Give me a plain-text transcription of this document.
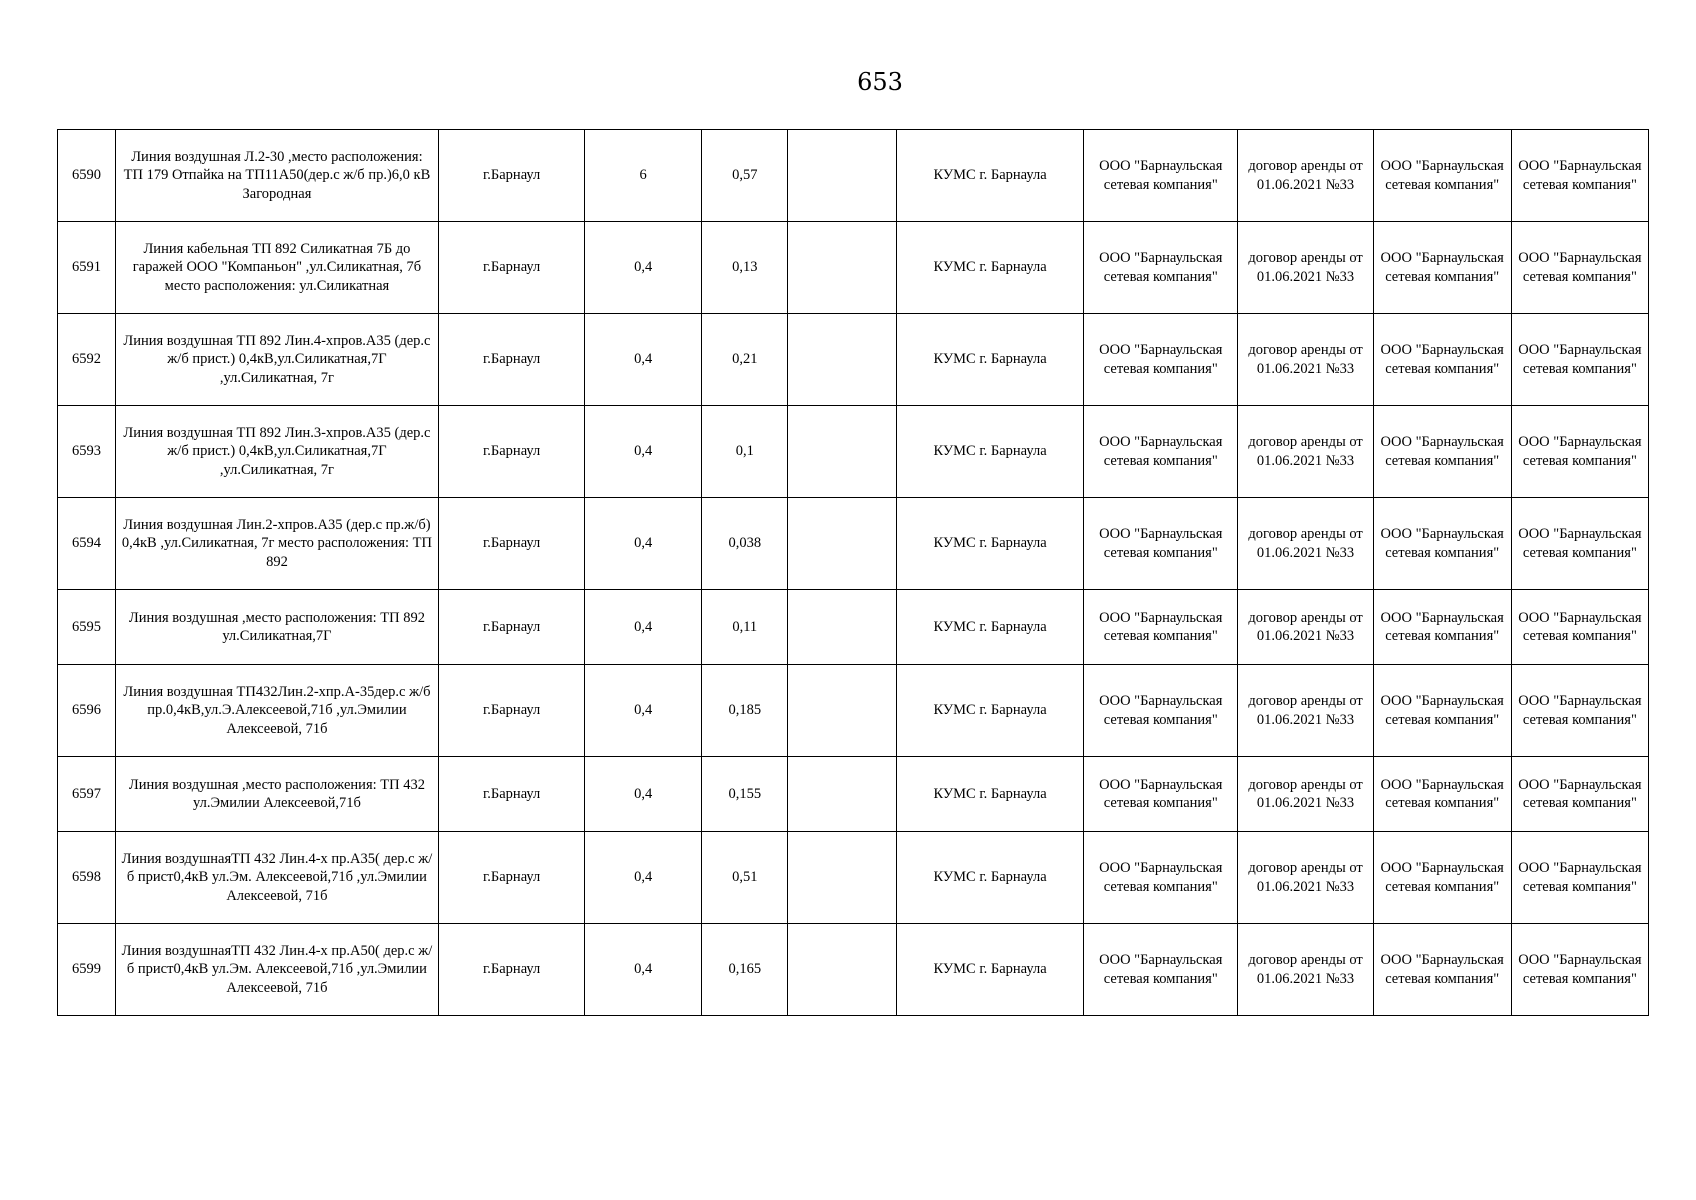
653
6590	Линия воздушная Л.2-30 ,место расположения: ТП 179 Отпайка на ТП11А50(дер.с ж/б пр.)6,0 кВ Загородная	г.Барнаул	6	0,57		КУМС г. Барнаула	ООО "Барнаульская сетевая компания"	договор аренды от 01.06.2021 №33	ООО "Барнаульская сетевая компания"	ООО "Барнаульская сетевая компания"
6591	Линия кабельная ТП 892 Силикатная 7Б до гаражей ООО "Компаньон" ,ул.Силикатная, 7б место расположения: ул.Силикатная	г.Барнаул	0,4	0,13		КУМС г. Барнаула	ООО "Барнаульская сетевая компания"	договор аренды от 01.06.2021 №33	ООО "Барнаульская сетевая компания"	ООО "Барнаульская сетевая компания"
6592	Линия воздушная ТП 892 Лин.4-хпров.А35 (дер.с ж/б прист.) 0,4кВ,ул.Силикатная,7Г ,ул.Силикатная, 7г	г.Барнаул	0,4	0,21		КУМС г. Барнаула	ООО "Барнаульская сетевая компания"	договор аренды от 01.06.2021 №33	ООО "Барнаульская сетевая компания"	ООО "Барнаульская сетевая компания"
6593	Линия воздушная ТП 892 Лин.3-хпров.А35 (дер.с ж/б прист.) 0,4кВ,ул.Силикатная,7Г ,ул.Силикатная, 7г	г.Барнаул	0,4	0,1		КУМС г. Барнаула	ООО "Барнаульская сетевая компания"	договор аренды от 01.06.2021 №33	ООО "Барнаульская сетевая компания"	ООО "Барнаульская сетевая компания"
6594	Линия воздушная Лин.2-хпров.А35 (дер.с пр.ж/б) 0,4кВ ,ул.Силикатная, 7г место расположения: ТП 892	г.Барнаул	0,4	0,038		КУМС г. Барнаула	ООО "Барнаульская сетевая компания"	договор аренды от 01.06.2021 №33	ООО "Барнаульская сетевая компания"	ООО "Барнаульская сетевая компания"
6595	Линия воздушная ,место расположения: ТП 892 ул.Силикатная,7Г	г.Барнаул	0,4	0,11		КУМС г. Барнаула	ООО "Барнаульская сетевая компания"	договор аренды от 01.06.2021 №33	ООО "Барнаульская сетевая компания"	ООО "Барнаульская сетевая компания"
6596	Линия воздушная ТП432Лин.2-хпр.А-35дер.с ж/б пр.0,4кВ,ул.Э.Алексеевой,71б ,ул.Эмилии Алексеевой, 71б	г.Барнаул	0,4	0,185		КУМС г. Барнаула	ООО "Барнаульская сетевая компания"	договор аренды от 01.06.2021 №33	ООО "Барнаульская сетевая компания"	ООО "Барнаульская сетевая компания"
6597	Линия воздушная ,место расположения: ТП 432 ул.Эмилии Алексеевой,71б	г.Барнаул	0,4	0,155		КУМС г. Барнаула	ООО "Барнаульская сетевая компания"	договор аренды от 01.06.2021 №33	ООО "Барнаульская сетевая компания"	ООО "Барнаульская сетевая компания"
6598	Линия воздушнаяТП 432 Лин.4-х пр.А35( дер.с ж/б прист0,4кВ ул.Эм. Алексеевой,71б ,ул.Эмилии Алексеевой, 71б	г.Барнаул	0,4	0,51		КУМС г. Барнаула	ООО "Барнаульская сетевая компания"	договор аренды от 01.06.2021 №33	ООО "Барнаульская сетевая компания"	ООО "Барнаульская сетевая компания"
6599	Линия воздушнаяТП 432 Лин.4-х пр.А50( дер.с ж/б прист0,4кВ ул.Эм. Алексеевой,71б ,ул.Эмилии Алексеевой, 71б	г.Барнаул	0,4	0,165		КУМС г. Барнаула	ООО "Барнаульская сетевая компания"	договор аренды от 01.06.2021 №33	ООО "Барнаульская сетевая компания"	ООО "Барнаульская сетевая компания"
